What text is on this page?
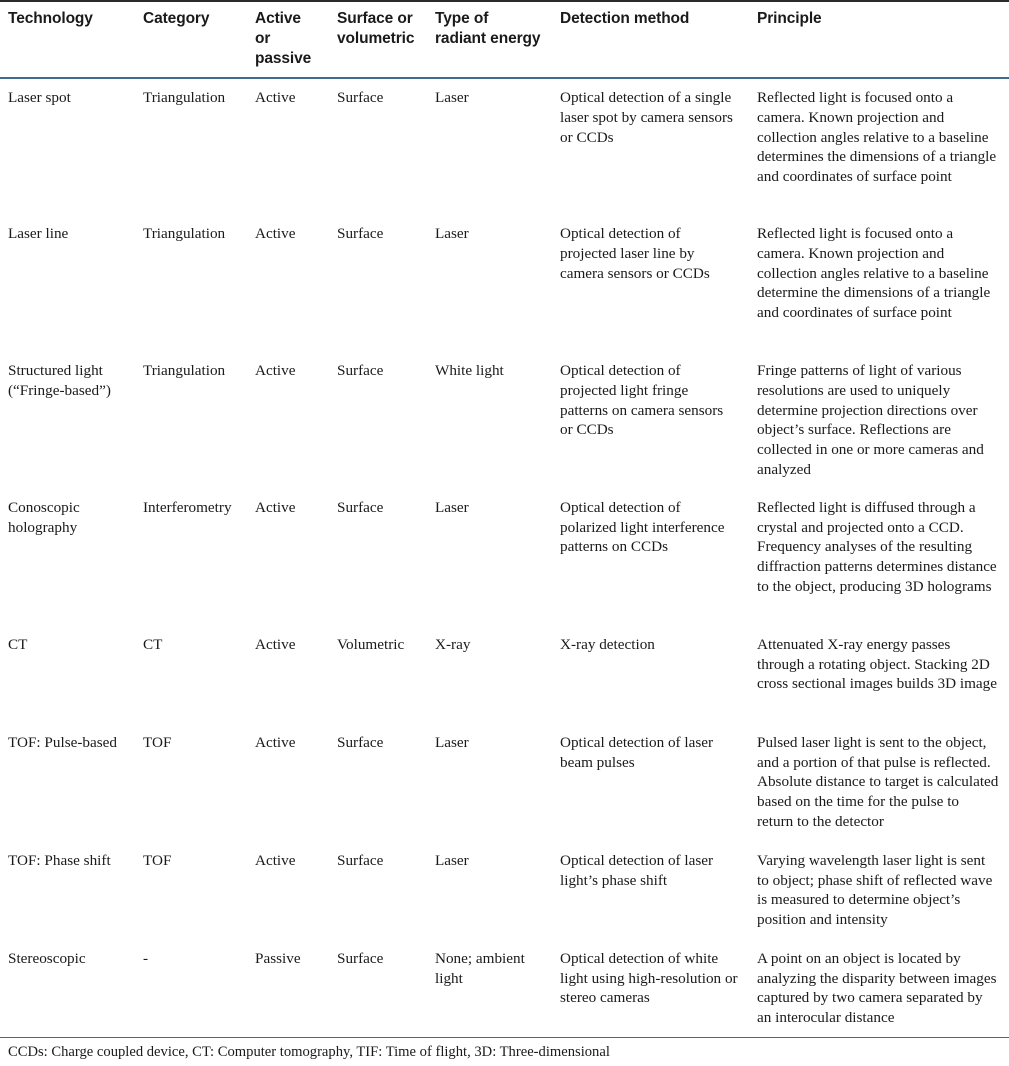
Technology	Category	Active or passive	Surface or volumetric	Type of radiant energy	Detection method	Principle
Laser spot	Triangulation	Active	Surface	Laser	Optical detection of a single laser spot by camera sensors or CCDs	Reflected light is focused onto a camera. Known projection and collection angles relative to a baseline determines the dimensions of a triangle and coordinates of surface point
Laser line	Triangulation	Active	Surface	Laser	Optical detection of projected laser line by camera sensors or CCDs	Reflected light is focused onto a camera. Known projection and collection angles relative to a baseline determine the dimensions of a triangle and coordinates of surface point
Structured light (“Fringe-based”)	Triangulation	Active	Surface	White light	Optical detection of projected light fringe patterns on camera sensors or CCDs	Fringe patterns of light of various resolutions are used to uniquely determine projection directions over object’s surface. Reflections are collected in one or more cameras and analyzed
Conoscopic holography	Interferometry	Active	Surface	Laser	Optical detection of polarized light interference patterns on CCDs	Reflected light is diffused through a crystal and projected onto a CCD. Frequency analyses of the resulting diffraction patterns determines distance to the object, producing 3D holograms
CT	CT	Active	Volumetric	X-ray	X-ray detection	Attenuated X-ray energy passes through a rotating object. Stacking 2D cross sectional images builds 3D image
TOF: Pulse-based	TOF	Active	Surface	Laser	Optical detection of laser beam pulses	Pulsed laser light is sent to the object, and a portion of that pulse is reflected. Absolute distance to target is calculated based on the time for the pulse to return to the detector
TOF: Phase shift	TOF	Active	Surface	Laser	Optical detection of laser light’s phase shift	Varying wavelength laser light is sent to object; phase shift of reflected wave is measured to determine object’s position and intensity
Stereoscopic	-	Passive	Surface	None; ambient light	Optical detection of white light using high-resolution or stereo cameras	A point on an object is located by analyzing the disparity between images captured by two camera separated by an interocular distance
CCDs: Charge coupled device, CT: Computer tomography, TIF: Time of flight, 3D: Three-dimensional
